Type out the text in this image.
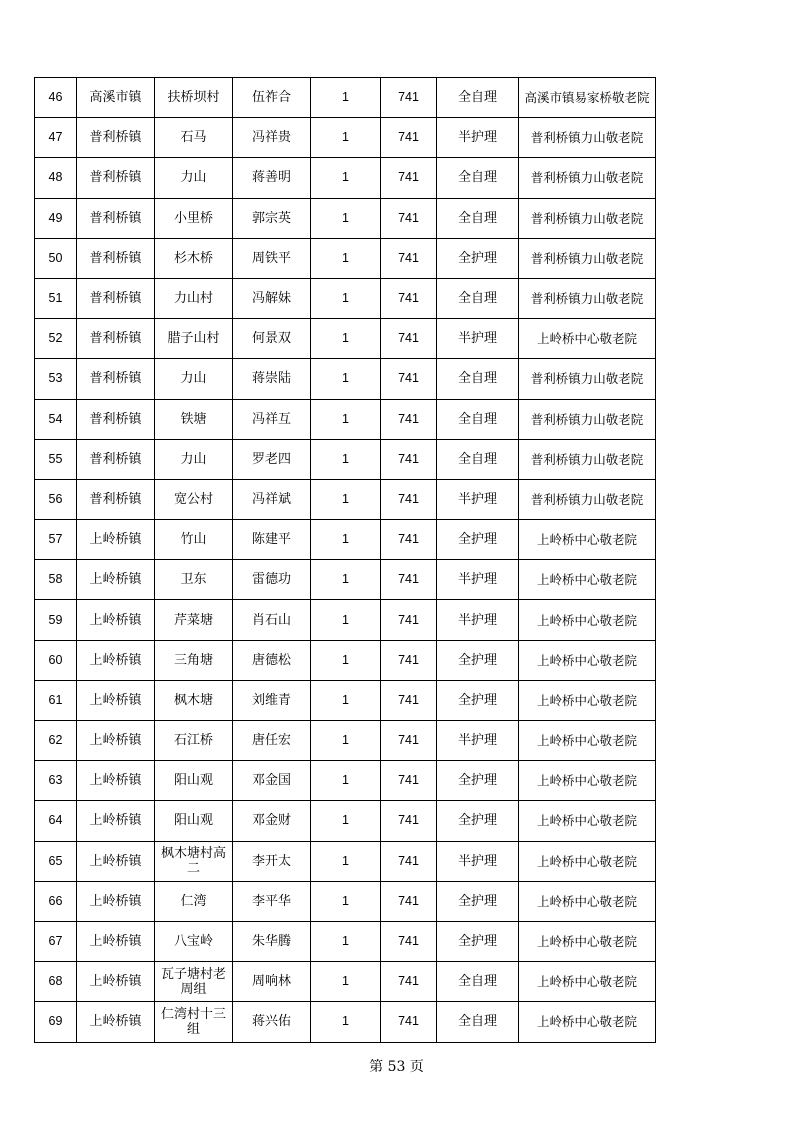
46	高溪市镇	扶桥坝村	伍祚合	1	741	全自理	高溪市镇易家桥敬老院
47	普利桥镇	石马	冯祥贵	1	741	半护理	普利桥镇力山敬老院
48	普利桥镇	力山	蒋善明	1	741	全自理	普利桥镇力山敬老院
49	普利桥镇	小里桥	郭宗英	1	741	全自理	普利桥镇力山敬老院
50	普利桥镇	杉木桥	周铁平	1	741	全护理	普利桥镇力山敬老院
51	普利桥镇	力山村	冯解妹	1	741	全自理	普利桥镇力山敬老院
52	普利桥镇	腊子山村	何景双	1	741	半护理	上岭桥中心敬老院
53	普利桥镇	力山	蒋崇陆	1	741	全自理	普利桥镇力山敬老院
54	普利桥镇	铁塘	冯祥互	1	741	全自理	普利桥镇力山敬老院
55	普利桥镇	力山	罗老四	1	741	全自理	普利桥镇力山敬老院
56	普利桥镇	宽公村	冯祥斌	1	741	半护理	普利桥镇力山敬老院
57	上岭桥镇	竹山	陈建平	1	741	全护理	上岭桥中心敬老院
58	上岭桥镇	卫东	雷德功	1	741	半护理	上岭桥中心敬老院
59	上岭桥镇	芹菜塘	肖石山	1	741	半护理	上岭桥中心敬老院
60	上岭桥镇	三角塘	唐德松	1	741	全护理	上岭桥中心敬老院
61	上岭桥镇	枫木塘	刘维青	1	741	全护理	上岭桥中心敬老院
62	上岭桥镇	石江桥	唐任宏	1	741	半护理	上岭桥中心敬老院
63	上岭桥镇	阳山观	邓金国	1	741	全护理	上岭桥中心敬老院
64	上岭桥镇	阳山观	邓金财	1	741	全护理	上岭桥中心敬老院
65	上岭桥镇	枫木塘村高二	李开太	1	741	半护理	上岭桥中心敬老院
66	上岭桥镇	仁湾	李平华	1	741	全护理	上岭桥中心敬老院
67	上岭桥镇	八宝岭	朱华腾	1	741	全护理	上岭桥中心敬老院
68	上岭桥镇	瓦子塘村老周组	周响林	1	741	全自理	上岭桥中心敬老院
69	上岭桥镇	仁湾村十三组	蒋兴佑	1	741	全自理	上岭桥中心敬老院
第 53 页
